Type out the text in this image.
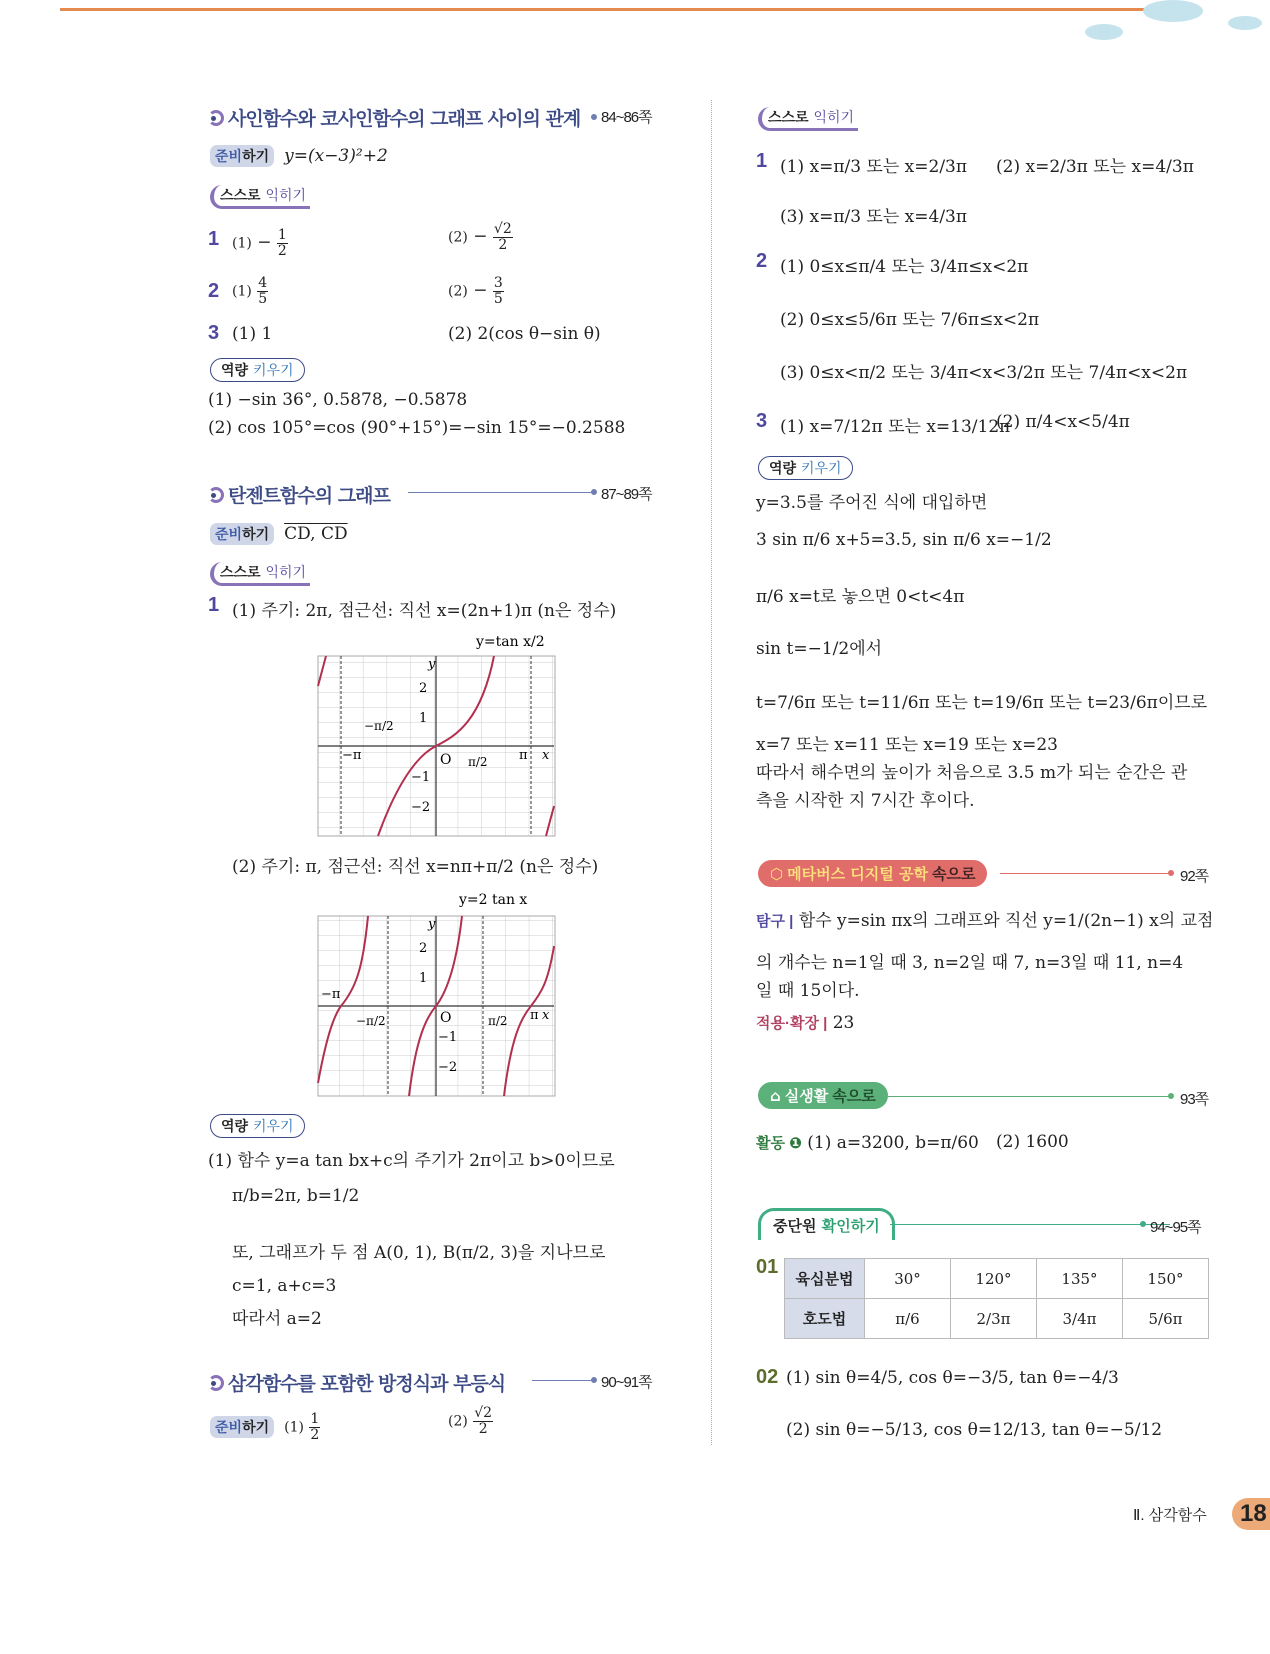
사인함수와 코사인함수의 그래프 사이의 관계 84~86쪽
준비하기 y=(x−3)²+2
스스로 익히기
1 $(1) - \frac{1}{2}$	$(2) - \frac{√2}{2}$
2 $(1) \frac{4}{5}$	$(2) - \frac{3}{5}$
3 (1) 1	(2) 2(cos θ−sin θ)
역량 키우기
(1) −sin 36°, 0.5878, −0.5878
(2) cos 105°=cos (90°+15°)=−sin 15°=−0.2588
탄젠트함수의 그래프	87~89쪽
준비하기 CD, CD
스스로 익히기
1 (1) 주기: 2π, 점근선: 직선 x=(2n+1)π (n은 정수)
y
2
1
−1
−2
O
−π	π x
−π/2
π/2
y=tan x/2
(2) 주기: π, 점근선: 직선 x=nπ+π/2 (n은 정수)
y
2
1
−1
−2
O
−π
π x
−π/2	π/2
y=2 tan x
역량 키우기
(1) 함수 y=a tan bx+c의 주기가 2π이고 b>0이므로
π/b=2π, b=1/2
또, 그래프가 두 점 A(0, 1), B(π/2, 3)을 지나므로
c=1, a+c=3
따라서 a=2
삼각함수를 포함한 방정식과 부등식	90~91쪽
준비하기	$(1) \frac{1}{2}$	$(2) \frac{√2}{2}$
스스로 익히기
1 (1) x=π/3 또는 x=2/3π (2) x=2/3π 또는 x=4/3π
(3) x=π/3 또는 x=4/3π
2 (1) 0≤x≤π/4 또는 3/4π≤x<2π
(2) 0≤x≤5/6π 또는 7/6π≤x<2π
(3) 0≤x<π/2 또는 3/4π<x<3/2π 또는 7/4π<x<2π
3 (1) x=7/12π 또는 x=13/12π
(2) π/4<x<5/4π
역량 키우기
y=3.5를 주어진 식에 대입하면
3 sin π/6 x+5=3.5, sin π/6 x=−1/2
π/6 x=t로 놓으면 0<t<4π
sin t=−1/2에서
t=7/6π 또는 t=11/6π 또는 t=19/6π 또는 t=23/6π이므로
x=7 또는 x=11 또는 x=19 또는 x=23
따라서 해수면의 높이가 처음으로 3.5 m가 되는 순간은 관
측을 시작한 지 7시간 후이다.
⬡ 메타버스 디지털 공학 속으로	92쪽
탐구 | 함수 y=sin πx의 그래프와 직선 y=1/(2n−1) x의 교점
의 개수는 n=1일 때 3, n=2일 때 7, n=3일 때 11, n=4
일 때 15이다.
적용·확장 | 23
⌂ 실생활 속으로	93쪽
활동 ❶ (1) a=3200, b=π/60 (2) 1600
중단원 확인하기	94~95쪽
01
육십분법	30°	120°	135°	150°
호도법	π/6	2/3π	3/4π	5/6π
02 (1) sin θ=4/5, cos θ=−3/5, tan θ=−4/3
(2) sin θ=−5/13, cos θ=12/13, tan θ=−5/12
Ⅱ. 삼각함수	18
